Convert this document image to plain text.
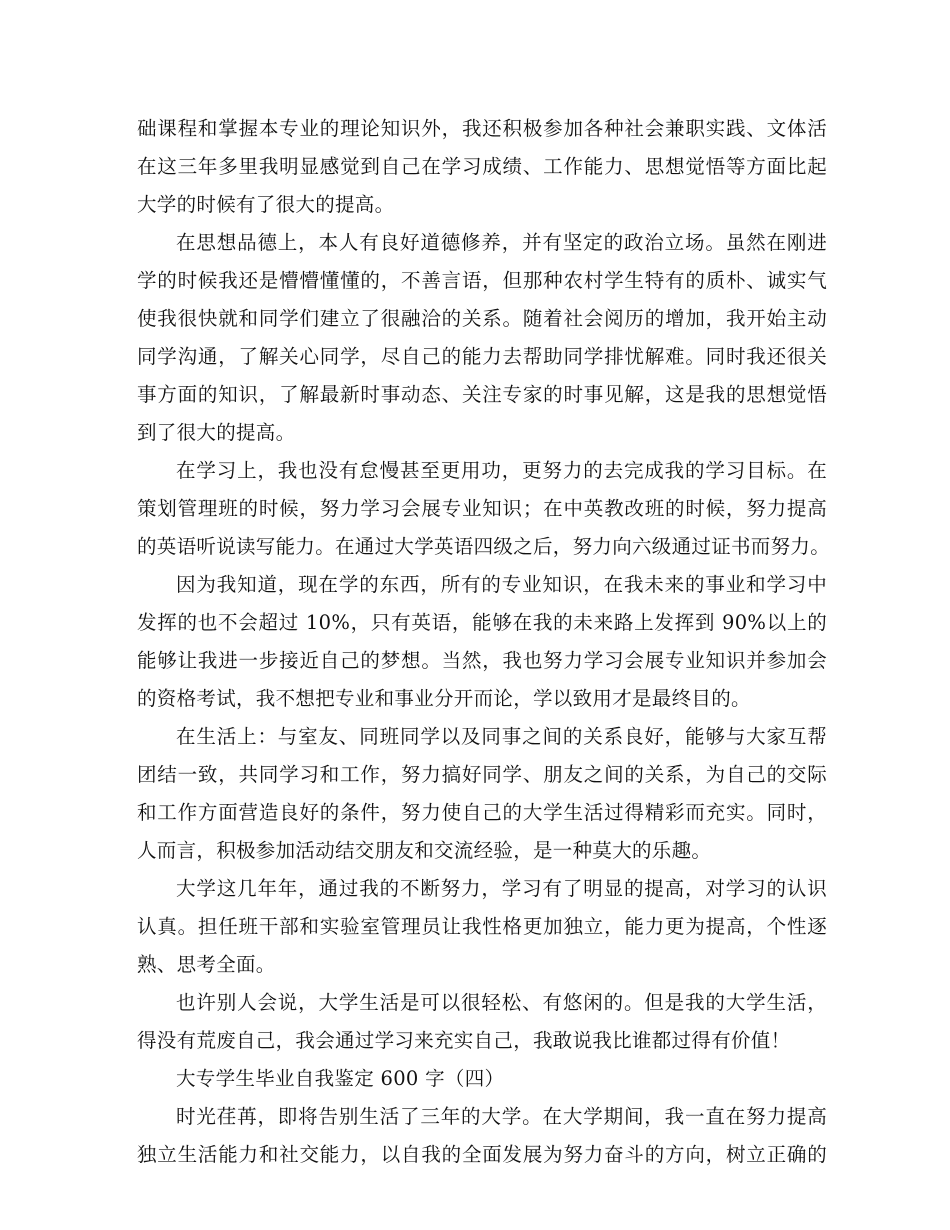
础课程和掌握本专业的理论知识外，我还积极参加各种社会兼职实践、文体活
在这三年多里我明显感觉到自己在学习成绩、工作能力、思想觉悟等方面比起
大学的时候有了很大的提高。
在思想品德上，本人有良好道德修养，并有坚定的政治立场。虽然在刚进
学的时候我还是懵懵懂懂的，不善言语，但那种农村学生特有的质朴、诚实气
使我很快就和同学们建立了很融洽的关系。随着社会阅历的增加，我开始主动
同学沟通，了解关心同学，尽自己的能力去帮助同学排忧解难。同时我还很关
事方面的知识，了解最新时事动态、关注专家的时事见解，这是我的思想觉悟
到了很大的提高。
在学习上，我也没有怠慢甚至更用功，更努力的去完成我的学习目标。在
策划管理班的时候，努力学习会展专业知识；在中英教改班的时候，努力提高
的英语听说读写能力。在通过大学英语四级之后，努力向六级通过证书而努力。
因为我知道，现在学的东西，所有的专业知识，在我未来的事业和学习中
发挥的也不会超过 10%，只有英语，能够在我的未来路上发挥到 90%以上的
能够让我进一步接近自己的梦想。当然，我也努力学习会展专业知识并参加会
的资格考试，我不想把专业和事业分开而论，学以致用才是最终目的。
在生活上：与室友、同班同学以及同事之间的关系良好，能够与大家互帮
团结一致，共同学习和工作，努力搞好同学、朋友之间的关系，为自己的交际
和工作方面营造良好的条件，努力使自己的大学生活过得精彩而充实。同时，
人而言，积极参加活动结交朋友和交流经验，是一种莫大的乐趣。
大学这几年年，通过我的不断努力，学习有了明显的提高，对学习的认识
认真。担任班干部和实验室管理员让我性格更加独立，能力更为提高，个性逐
熟、思考全面。
也许别人会说，大学生活是可以很轻松、有悠闲的。但是我的大学生活，
得没有荒废自己，我会通过学习来充实自己，我敢说我比谁都过得有价值！
大专学生毕业自我鉴定 600 字（四）
时光荏苒，即将告别生活了三年的大学。在大学期间，我一直在努力提高
独立生活能力和社交能力，以自我的全面发展为努力奋斗的方向，树立正确的
